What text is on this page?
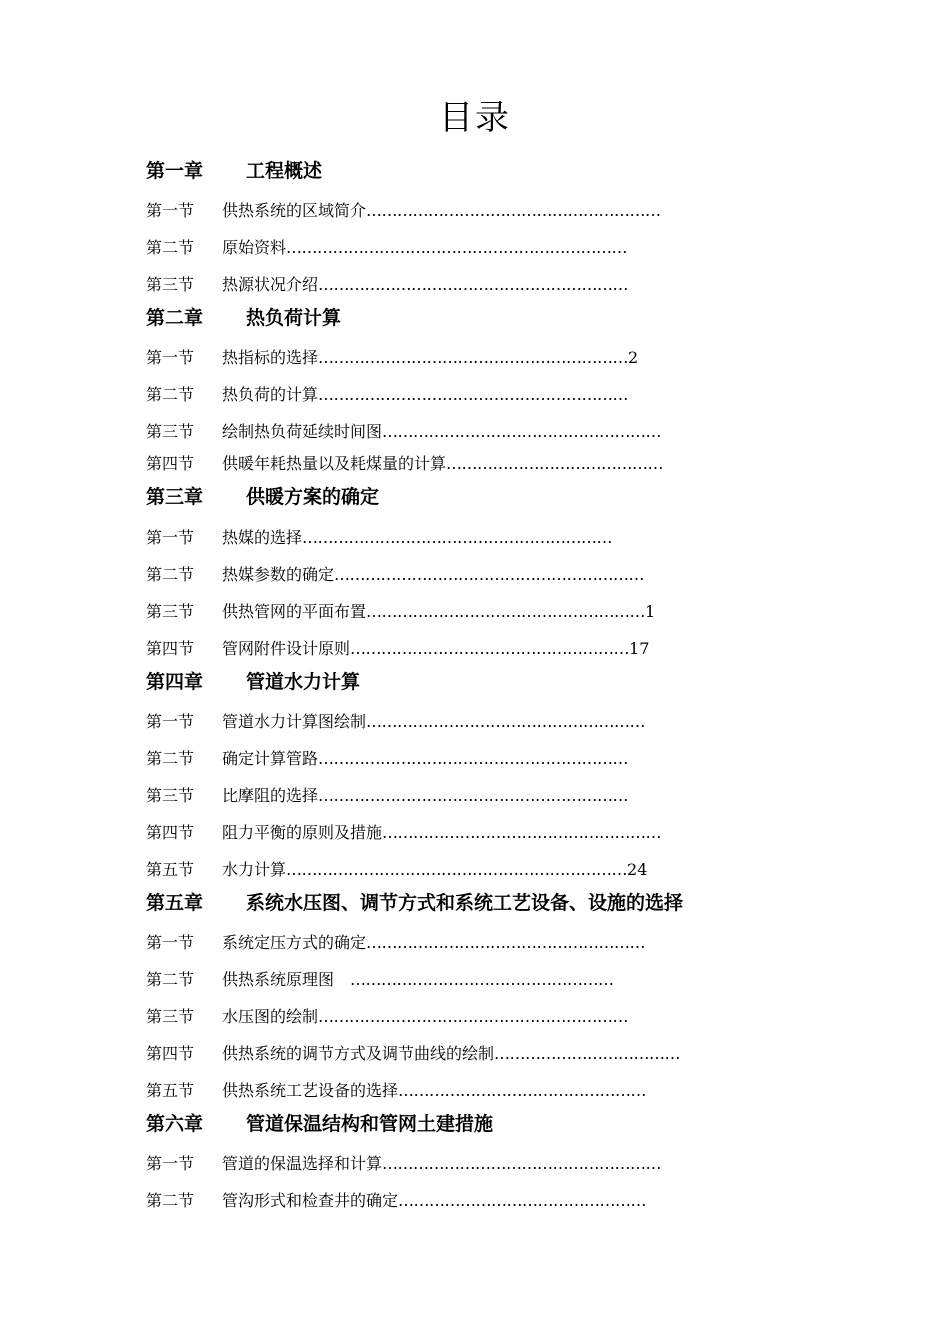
目录
第一章 工程概述
第一节 供热系统的区域简介…………………………………………………
第二节 原始资料…………………………………………………………
第三节 热源状况介绍……………………………………………………
第二章 热负荷计算
第一节 热指标的选择……………………………………………………2
第二节 热负荷的计算……………………………………………………
第三节 绘制热负荷延续时间图………………………………………………
第四节 供暖年耗热量以及耗煤量的计算……………………………………
第三章 供暖方案的确定
第一节 热媒的选择……………………………………………………
第二节 热媒参数的确定……………………………………………………
第三节 供热管网的平面布置………………………………………………1
第四节 管网附件设计原则………………………………………………17
第四章 管道水力计算
第一节 管道水力计算图绘制………………………………………………
第二节 确定计算管路……………………………………………………
第三节 比摩阻的选择……………………………………………………
第四节 阻力平衡的原则及措施………………………………………………
第五节 水力计算…………………………………………………………24
第五章 系统水压图、调节方式和系统工艺设备、设施的选择
第一节 系统定压方式的确定………………………………………………
第二节 供热系统原理图　……………………………………………
第三节 水压图的绘制……………………………………………………
第四节 供热系统的调节方式及调节曲线的绘制………………………………
第五节 供热系统工艺设备的选择…………………………………………
第六章 管道保温结构和管网土建措施
第一节 管道的保温选择和计算………………………………………………
第二节 管沟形式和检查井的确定…………………………………………
